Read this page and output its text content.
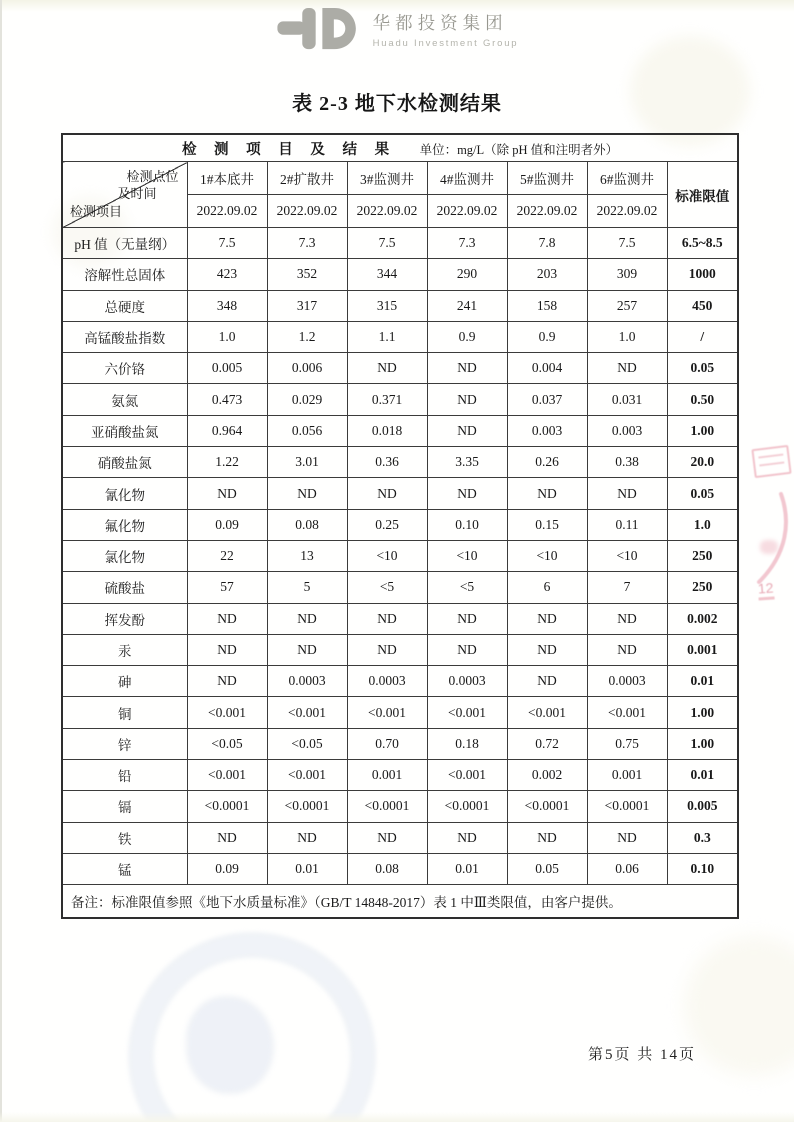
华都投资集团
Huadu Investment Group
表 2-3 地下水检测结果
检 测 项 目 及 结 果 单位：mg/L（除 pH 值和注明者外）							

检测点位
及时间
检测项目	1#本底井	2#扩散井	3#监测井	4#监测井	5#监测井	6#监测井	标准限值
	2022.09.02	2022.09.02	2022.09.02	2022.09.02	2022.09.02	2022.09.02	
pH 值（无量纲）	7.5	7.3	7.5	7.3	7.8	7.5	6.5~8.5
溶解性总固体	423	352	344	290	203	309	1000
总硬度	348	317	315	241	158	257	450
高锰酸盐指数	1.0	1.2	1.1	0.9	0.9	1.0	/
六价铬	0.005	0.006	ND	ND	0.004	ND	0.05
氨氮	0.473	0.029	0.371	ND	0.037	0.031	0.50
亚硝酸盐氮	0.964	0.056	0.018	ND	0.003	0.003	1.00
硝酸盐氮	1.22	3.01	0.36	3.35	0.26	0.38	20.0
氰化物	ND	ND	ND	ND	ND	ND	0.05
氟化物	0.09	0.08	0.25	0.10	0.15	0.11	1.0
氯化物	22	13	<10	<10	<10	<10	250
硫酸盐	57	5	<5	<5	6	7	250
挥发酚	ND	ND	ND	ND	ND	ND	0.002
汞	ND	ND	ND	ND	ND	ND	0.001
砷	ND	0.0003	0.0003	0.0003	ND	0.0003	0.01
铜	<0.001	<0.001	<0.001	<0.001	<0.001	<0.001	1.00
锌	<0.05	<0.05	0.70	0.18	0.72	0.75	1.00
铅	<0.001	<0.001	0.001	<0.001	0.002	0.001	0.01
镉	<0.0001	<0.0001	<0.0001	<0.0001	<0.0001	<0.0001	0.005
铁	ND	ND	ND	ND	ND	ND	0.3
锰	0.09	0.01	0.08	0.01	0.05	0.06	0.10
备注：标准限值参照《地下水质量标准》（GB/T 14848-2017）表 1 中Ⅲ类限值，由客户提供。							
12
第5页 共 14页
